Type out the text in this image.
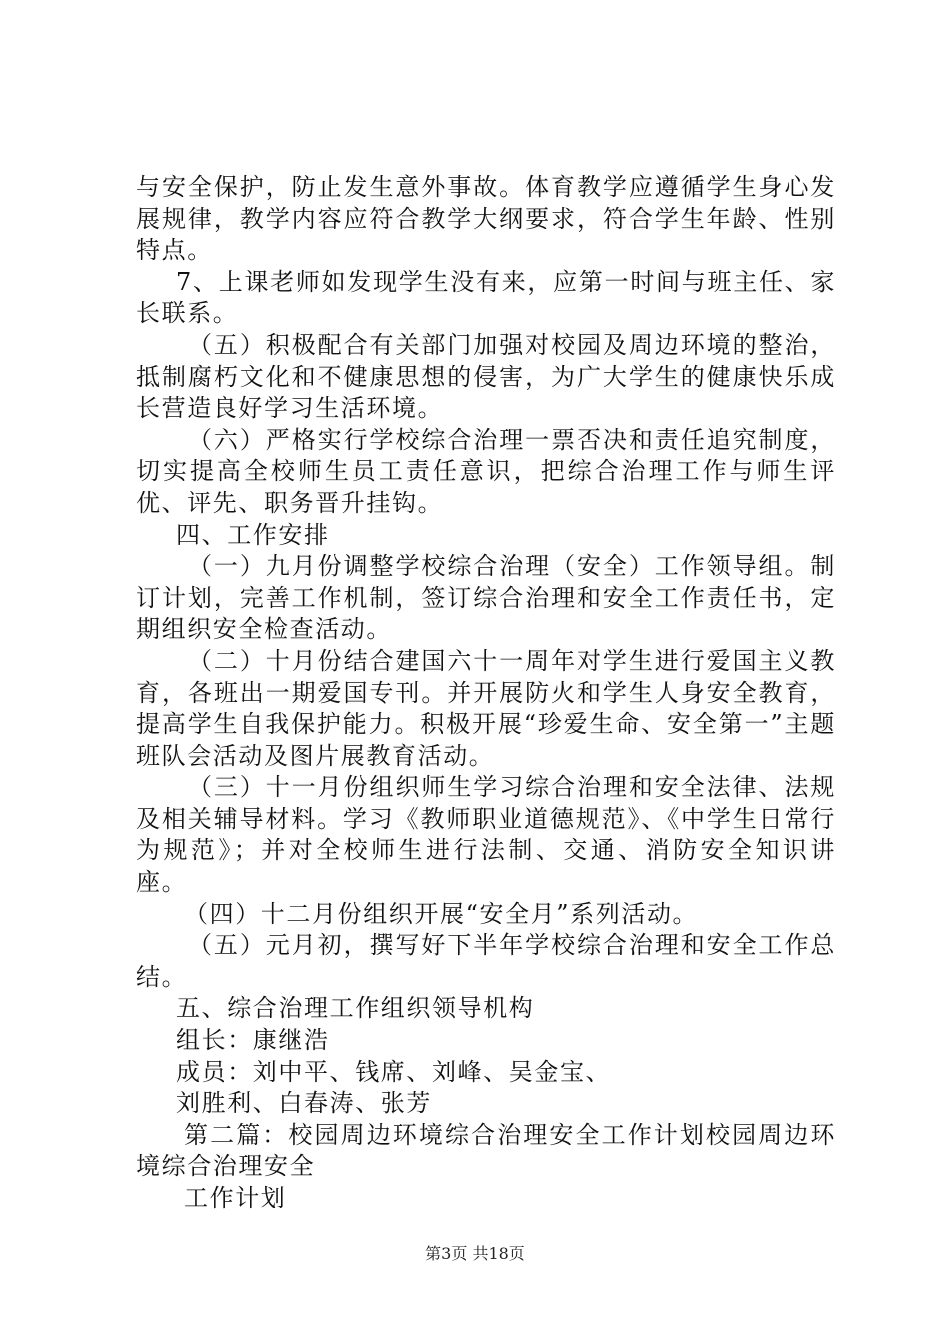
与安全保护，防止发生意外事故。体育教学应遵循学生身心发展规律，教学内容应符合教学大纲要求，符合学生年龄、性别特点。

7、上课老师如发现学生没有来，应第一时间与班主任、家长联系。

（五）积极配合有关部门加强对校园及周边环境的整治，抵制腐朽文化和不健康思想的侵害，为广大学生的健康快乐成长营造良好学习生活环境。

（六）严格实行学校综合治理一票否决和责任追究制度，切实提高全校师生员工责任意识，把综合治理工作与师生评优、评先、职务晋升挂钩。

四、工作安排

（一）九月份调整学校综合治理（安全）工作领导组。制订计划，完善工作机制，签订综合治理和安全工作责任书，定期组织安全检查活动。

（二）十月份结合建国六十一周年对学生进行爱国主义教育，各班出一期爱国专刊。并开展防火和学生人身安全教育，提高学生自我保护能力。积极开展“珍爱生命、安全第一”主题班队会活动及图片展教育活动。

（三）十一月份组织师生学习综合治理和安全法律、法规及相关辅导材料。学习《教师职业道德规范》、《中学生日常行为规范》；并对全校师生进行法制、交通、消防安全知识讲座。

（四）十二月份组织开展“安全月”系列活动。

（五）元月初，撰写好下半年学校综合治理和安全工作总结。

五、综合治理工作组织领导机构

组长：康继浩

成员：刘中平、钱席、刘峰、吴金宝、

刘胜利、白春涛、张芳

第二篇：校园周边环境综合治理安全工作计划校园周边环境综合治理安全

工作计划

第3页 共18页
